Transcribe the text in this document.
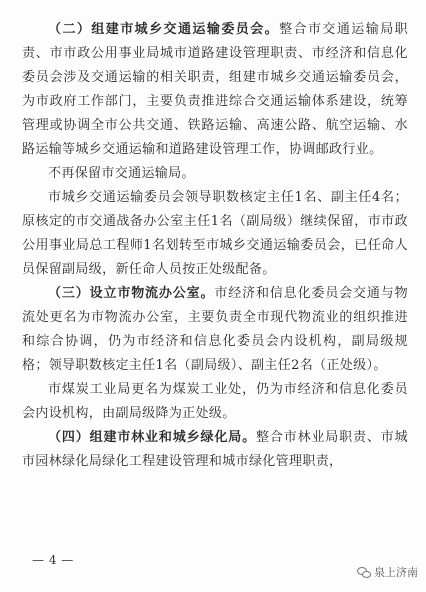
（二）组建市城乡交通运输委员会。整合市交通运输局职责、市市政公用事业局城市道路建设管理职责、市经济和信息化委员会涉及交通运输的相关职责，组建市城乡交通运输委员会，为市政府工作部门，主要负责推进综合交通运输体系建设，统筹管理或协调全市公共交通、铁路运输、高速公路、航空运输、水路运输等城乡交通运输和道路建设管理工作，协调邮政行业。

不再保留市交通运输局。

市城乡交通运输委员会领导职数核定主任1名、副主任4名；原核定的市交通战备办公室主任1名（副局级）继续保留，市市政公用事业局总工程师1名划转至市城乡交通运输委员会，已任命人员保留副局级，新任命人员按正处级配备。

（三）设立市物流办公室。市经济和信息化委员会交通与物流处更名为市物流办公室，主要负责全市现代物流业的组织推进和综合协调，仍为市经济和信息化委员会内设机构，副局级规格；领导职数核定主任1名（副局级）、副主任2名（正处级）。

市煤炭工业局更名为煤炭工业处，仍为市经济和信息化委员会内设机构，由副局级降为正处级。

（四）组建市林业和城乡绿化局。整合市林业局职责、市城市园林绿化局绿化工程建设管理和城市绿化管理职责，

— 4 —
泉上济南
